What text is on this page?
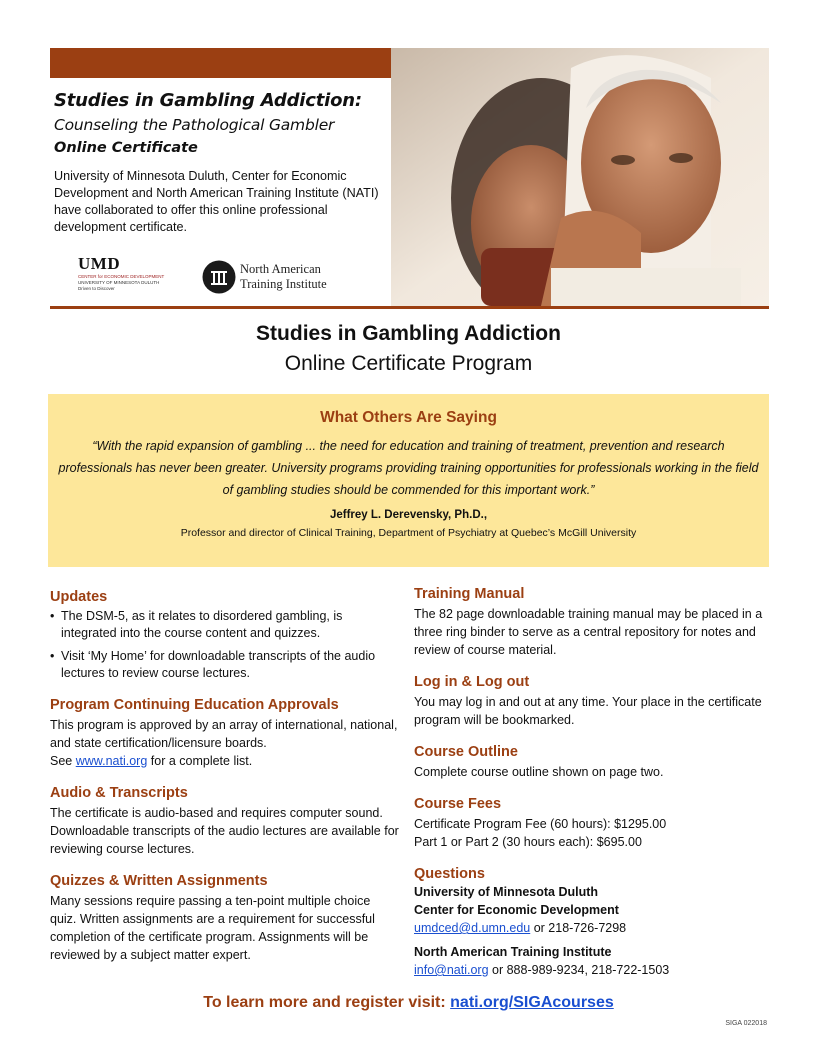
Studies in Gambling Addiction:
Counseling the Pathological Gambler
Online Certificate
University of Minnesota Duluth, Center for Economic Development and North American Training Institute (NATI) have collaborated to offer this online professional development certificate.
UMD
CENTER for ECONOMIC DEVELOPMENT
UNIVERSITY OF MINNESOTA DULUTH
Driven to Discover
North American
Training Institute
Studies in Gambling Addiction
Online Certificate Program
What Others Are Saying
“With the rapid expansion of gambling ... the need for education and training of treatment, prevention and research professionals has never been greater. University programs providing training opportunities for professionals working in the field of gambling studies should be commended for this important work.”
Jeffrey L. Derevensky, Ph.D.,
Professor and director of Clinical Training, Department of Psychiatry at Quebec’s McGill University
Updates
• The DSM-5, as it relates to disordered gambling, is integrated into the course content and quizzes.
• Visit ‘My Home’ for downloadable transcripts of the audio lectures to review course lectures.
Program Continuing Education Approvals
This program is approved by an array of international, national, and state certification/licensure boards.
See www.nati.org for a complete list.
Audio & Transcripts
The certificate is audio-based and requires computer sound. Downloadable transcripts of the audio lectures are available for reviewing course lectures.
Quizzes & Written Assignments
Many sessions require passing a ten-point multiple choice quiz. Written assignments are a requirement for successful completion of the certificate program. Assignments will be reviewed by a subject matter expert.
Training Manual
The 82 page downloadable training manual may be placed in a three ring binder to serve as a central repository for notes and review of course material.
Log in & Log out
You may log in and out at any time. Your place in the certificate program will be bookmarked.
Course Outline
Complete course outline shown on page two.
Course Fees
Certificate Program Fee (60 hours): $1295.00
Part 1 or Part 2 (30 hours each): $695.00
Questions
University of Minnesota Duluth
Center for Economic Development
umdced@d.umn.edu or 218-726-7298
North American Training Institute
info@nati.org or 888-989-9234, 218-722-1503
To learn more and register visit: nati.org/SIGAcourses
SIGA 022018
